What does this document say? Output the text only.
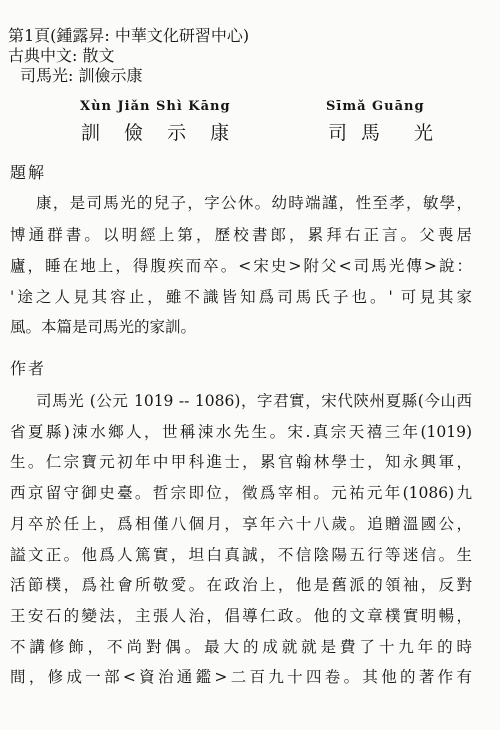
第1頁(鍾露昇: 中華文化研習中心)
古典中文: 散文
司馬光: 訓儉示康
Xùn Jiǎn Shì Kāng
訓 儉 示 康
Sīmǎ Guāng
司馬 光
題解
康，是司馬光的兒子，字公休。幼時端謹，性至孝，敏學，
博通群書。以明經上第，歷校書郎，累拜右正言。父喪居
廬，睡在地上，得腹疾而卒。<宋史>附父<司馬光傳>說：
'途之人見其容止，雖不識皆知爲司馬氏子也。' 可見其家
風。本篇是司馬光的家訓。
作者
司馬光 (公元 1019 -- 1086)，字君實，宋代陝州夏縣(今山西
省夏縣)涑水鄉人，世稱涑水先生。宋.真宗天禧三年(1019)
生。仁宗寶元初年中甲科進士，累官翰林學士，知永興軍，
西京留守御史臺。哲宗即位，徵爲宰相。元祐元年(1086)九
月卒於任上，爲相僅八個月，享年六十八歲。追贈溫國公，
謚文正。他爲人篤實，坦白真誠，不信陰陽五行等迷信。生
活節樸，爲社會所敬愛。在政治上，他是舊派的領袖，反對
王安石的變法，主張人治，倡導仁政。他的文章樸實明暢，
不講修飾，不尚對偶。最大的成就就是費了十九年的時
間，修成一部<資治通鑑>二百九十四卷。其他的著作有
